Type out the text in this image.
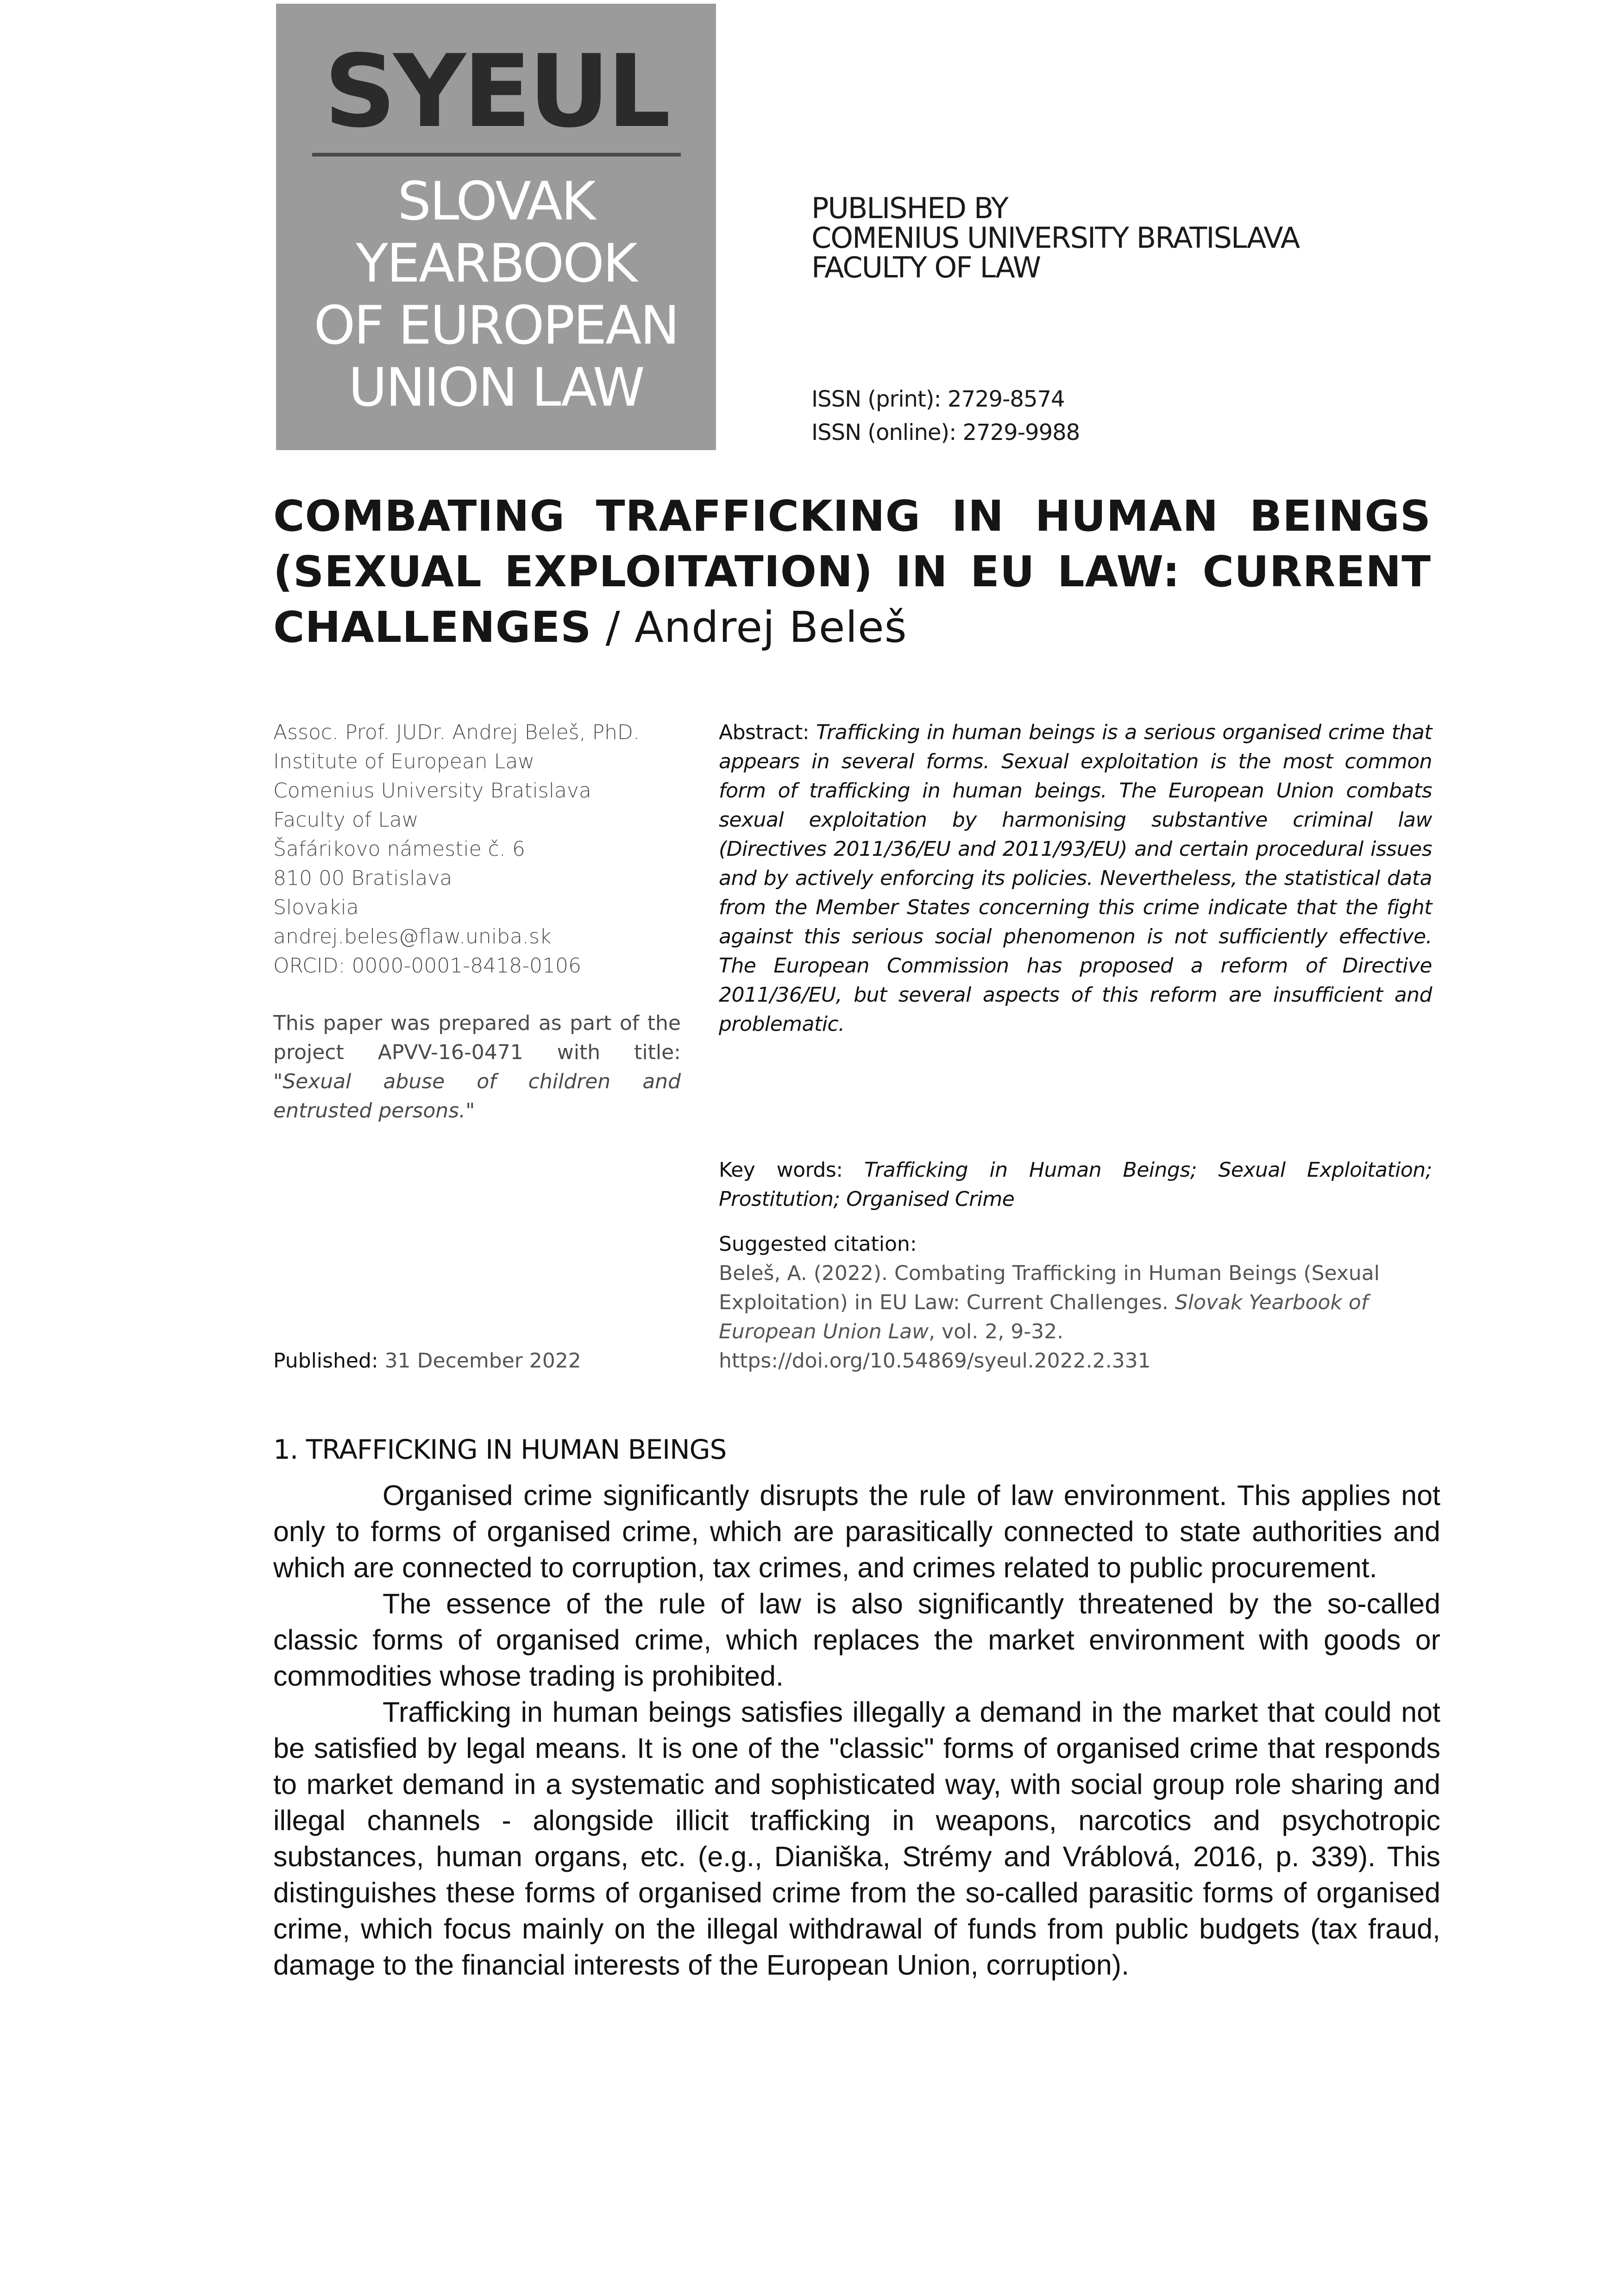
SYEUL
SLOVAK
YEARBOOK
OF EUROPEAN
UNION LAW
PUBLISHED BY
COMENIUS UNIVERSITY BRATISLAVA
FACULTY OF LAW
ISSN (print): 2729-8574
ISSN (online): 2729-9988
COMBATING TRAFFICKING IN HUMAN BEINGS
(SEXUAL EXPLOITATION) IN EU LAW: CURRENT
CHALLENGES / Andrej Beleš
Assoc. Prof. JUDr. Andrej Beleš, PhD.
Institute of European Law
Comenius University Bratislava
Faculty of Law
Šafárikovo námestie č. 6
810 00 Bratislava
Slovakia
andrej.beles@flaw.uniba.sk
ORCID: 0000-0001-8418-0106
This paper was prepared as part of the project APVV-16-0471 with title: "Sexual abuse of children and entrusted persons."
Abstract: Trafficking in human beings is a serious organised crime that appears in several forms. Sexual exploitation is the most common form of trafficking in human beings. The European Union combats sexual exploitation by harmonising substantive criminal law (Directives 2011/36/EU and 2011/93/EU) and certain procedural issues and by actively enforcing its policies. Nevertheless, the statistical data from the Member States concerning this crime indicate that the fight against this serious social phenomenon is not sufficiently effective. The European Commission has proposed a reform of Directive 2011/36/EU, but several aspects of this reform are insufficient and problematic.
Key words: Trafficking in Human Beings; Sexual Exploitation; Prostitution; Organised Crime
Suggested citation:
Beleš, A. (2022). Combating Trafficking in Human Beings (Sexual Exploitation) in EU Law: Current Challenges. Slovak Yearbook of European Union Law, vol. 2, 9-32.
https://doi.org/10.54869/syeul.2022.2.331
Published: 31 December 2022
1. TRAFFICKING IN HUMAN BEINGS

Organised crime significantly disrupts the rule of law environment. This applies not only to forms of organised crime, which are parasitically connected to state authorities and which are connected to corruption, tax crimes, and crimes related to public procurement.

The essence of the rule of law is also significantly threatened by the so-called classic forms of organised crime, which replaces the market environment with goods or commodities whose trading is prohibited.

Trafficking in human beings satisfies illegally a demand in the market that could not be satisfied by legal means. It is one of the "classic" forms of organised crime that responds to market demand in a systematic and sophisticated way, with social group role sharing and illegal channels - alongside illicit trafficking in weapons, narcotics and psychotropic substances, human organs, etc. (e.g., Dianiška, Strémy and Vráblová, 2016, p. 339). This distinguishes these forms of organised crime from the so-called parasitic forms of organised crime, which focus mainly on the illegal withdrawal of funds from public budgets (tax fraud, damage to the financial interests of the European Union, corruption).
